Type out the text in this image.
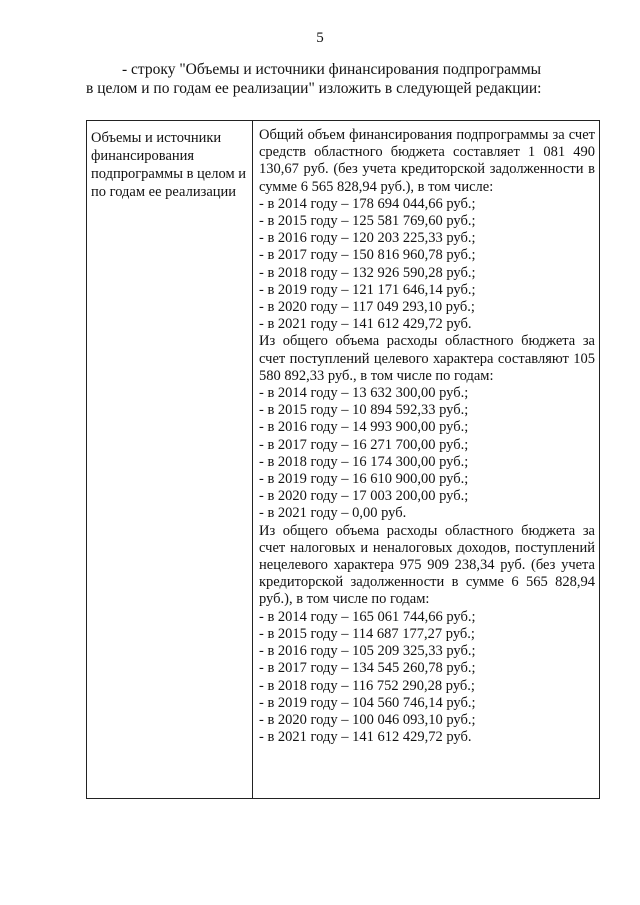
5
- строку "Объемы и источники финансирования подпрограммы
в целом и по годам ее реализации" изложить в следующей редакции:
Объемы и источники финансирования подпрограммы в целом и по годам ее реализации
Общий объем финансирования подпрограммы за счет средств областного бюджета составляет 1 081 490 130,67 руб. (без учета кредиторской задолженности в сумме 6 565 828,94 руб.), в том числе:
- в 2014 году – 178 694 044,66 руб.;
- в 2015 году – 125 581 769,60 руб.;
- в 2016 году – 120 203 225,33 руб.;
- в 2017 году – 150 816 960,78 руб.;
- в 2018 году – 132 926 590,28 руб.;
- в 2019 году – 121 171 646,14 руб.;
- в 2020 году – 117 049 293,10 руб.;
- в 2021 году – 141 612 429,72 руб.
Из общего объема расходы областного бюджета за счет поступлений целевого характера составляют 105 580 892,33 руб., в том числе по годам:
- в 2014 году – 13 632 300,00 руб.;
- в 2015 году – 10 894 592,33 руб.;
- в 2016 году – 14 993 900,00 руб.;
- в 2017 году – 16 271 700,00 руб.;
- в 2018 году – 16 174 300,00 руб.;
- в 2019 году – 16 610 900,00 руб.;
- в 2020 году – 17 003 200,00 руб.;
- в 2021 году – 0,00 руб.
Из общего объема расходы областного бюджета за счет налоговых и неналоговых доходов, поступлений нецелевого характера 975 909 238,34 руб. (без учета кредиторской задолженности в сумме 6 565 828,94 руб.), в том числе по годам:
- в 2014 году – 165 061 744,66 руб.;
- в 2015 году – 114 687 177,27 руб.;
- в 2016 году – 105 209 325,33 руб.;
- в 2017 году – 134 545 260,78 руб.;
- в 2018 году – 116 752 290,28 руб.;
- в 2019 году – 104 560 746,14 руб.;
- в 2020 году – 100 046 093,10 руб.;
- в 2021 году – 141 612 429,72 руб.
